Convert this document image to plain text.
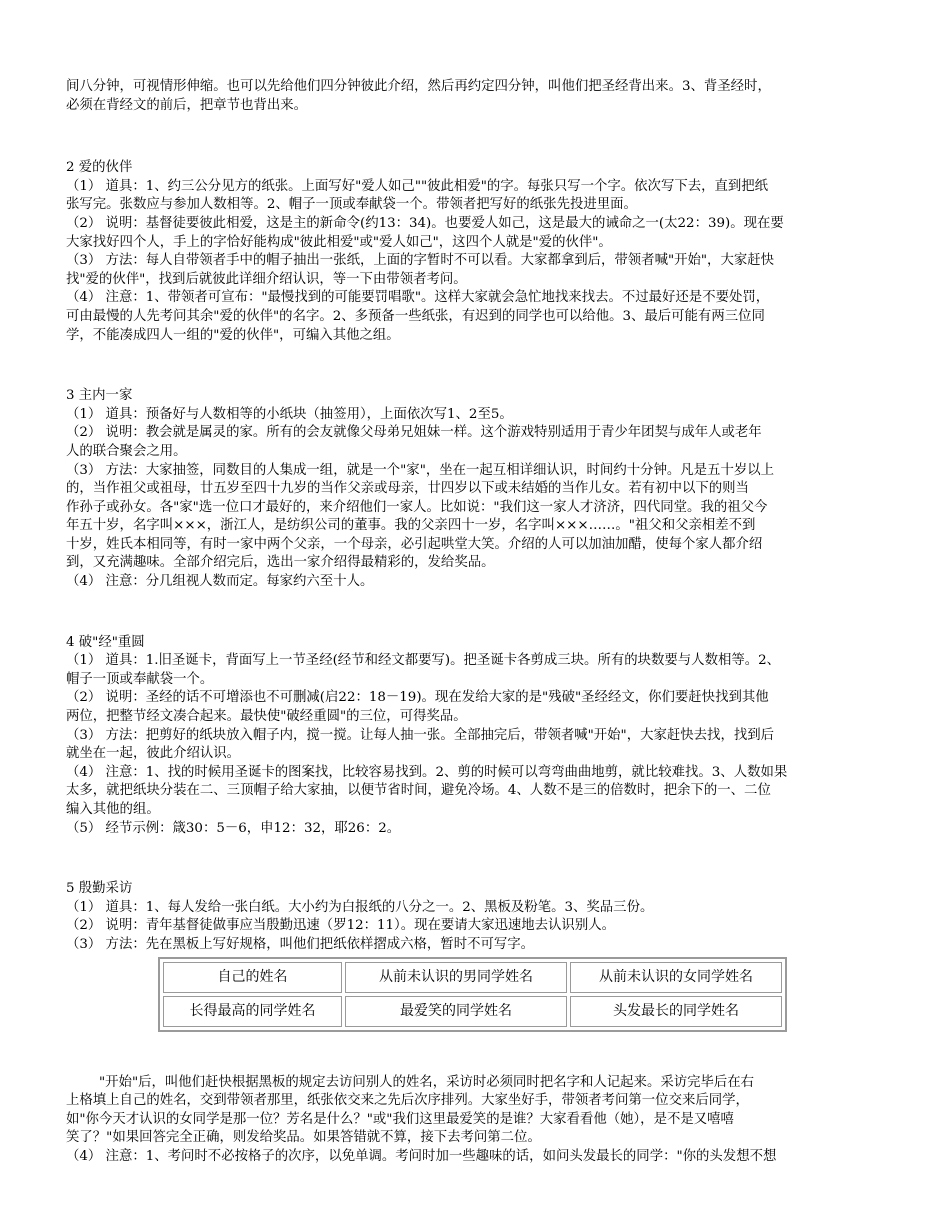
间八分钟，可视情形伸缩。也可以先给他们四分钟彼此介绍，然后再约定四分钟，叫他们把圣经背出来。3、背圣经时，
必须在背经文的前后，把章节也背出来。
2 爱的伙伴
（1） 道具：1、约三公分见方的纸张。上面写好"爱人如己""彼此相爱"的字。每张只写一个字。依次写下去，直到把纸
张写完。张数应与参加人数相等。2、帽子一顶或奉献袋一个。带领者把写好的纸张先投进里面。
（2） 说明：基督徒要彼此相爱，这是主的新命令(约13：34)。也要爱人如己，这是最大的诫命之一(太22：39)。现在要
大家找好四个人，手上的字恰好能构成"彼此相爱"或"爱人如己"，这四个人就是"爱的伙伴"。
（3） 方法：每人自带领者手中的帽子抽出一张纸，上面的字暂时不可以看。大家都拿到后，带领者喊"开始"，大家赶快
找"爱的伙伴"，找到后就彼此详细介绍认识，等一下由带领者考问。
（4） 注意：1、带领者可宣布："最慢找到的可能要罚唱歌"。这样大家就会急忙地找来找去。不过最好还是不要处罚，
可由最慢的人先考问其余"爱的伙伴"的名字。2、多预备一些纸张，有迟到的同学也可以给他。3、最后可能有两三位同
学，不能凑成四人一组的"爱的伙伴"，可编入其他之组。
3 主内一家
（1） 道具：预备好与人数相等的小纸块（抽签用），上面依次写1、2至5。
（2） 说明：教会就是属灵的家。所有的会友就像父母弟兄姐妹一样。这个游戏特别适用于青少年团契与成年人或老年
人的联合聚会之用。
（3） 方法：大家抽签，同数目的人集成一组，就是一个"家"，坐在一起互相详细认识，时间约十分钟。凡是五十岁以上
的，当作祖父或祖母，廿五岁至四十九岁的当作父亲或母亲，廿四岁以下或未结婚的当作儿女。若有初中以下的则当
作孙子或孙女。各"家"选一位口才最好的，来介绍他们一家人。比如说："我们这一家人才济济，四代同堂。我的祖父今
年五十岁，名字叫×××，浙江人，是纺织公司的董事。我的父亲四十一岁，名字叫×××……。"祖父和父亲相差不到
十岁，姓氏本相同等，有时一家中两个父亲，一个母亲，必引起哄堂大笑。介绍的人可以加油加醋，使每个家人都介绍
到，又充满趣味。全部介绍完后，选出一家介绍得最精彩的，发给奖品。
（4） 注意：分几组视人数而定。每家约六至十人。
4 破"经"重圆
（1） 道具：1.旧圣诞卡，背面写上一节圣经(经节和经文都要写)。把圣诞卡各剪成三块。所有的块数要与人数相等。2、
帽子一顶或奉献袋一个。
（2） 说明：圣经的话不可增添也不可删减(启22：18－19)。现在发给大家的是"残破"圣经经文，你们要赶快找到其他
两位，把整节经文凑合起来。最快使"破经重圆"的三位，可得奖品。
（3） 方法：把剪好的纸块放入帽子内，搅一搅。让每人抽一张。全部抽完后，带领者喊"开始"，大家赶快去找，找到后
就坐在一起，彼此介绍认识。
（4） 注意：1、找的时候用圣诞卡的图案找，比较容易找到。2、剪的时候可以弯弯曲曲地剪，就比较难找。3、人数如果
太多，就把纸块分装在二、三顶帽子给大家抽，以便节省时间，避免冷场。4、人数不是三的倍数时，把余下的一、二位
编入其他的组。
（5） 经节示例：箴30：5－6，申12：32，耶26：2。
5 殷勤采访
（1） 道具：1、每人发给一张白纸。大小约为白报纸的八分之一。2、黑板及粉笔。3、奖品三份。
（2） 说明：青年基督徒做事应当殷勤迅速（罗12：11）。现在要请大家迅速地去认识别人。
（3） 方法：先在黑板上写好规格，叫他们把纸依样摺成六格，暂时不可写字。
自己的姓名	从前未认识的男同学姓名	从前未认识的女同学姓名
长得最高的同学姓名	最爱笑的同学姓名	头发最长的同学姓名
"开始"后，叫他们赶快根据黑板的规定去访问别人的姓名，采访时必须同时把名字和人记起来。采访完毕后在右
上格填上自己的姓名，交到带领者那里，纸张依交来之先后次序排列。大家坐好手，带领者考问第一位交来后同学，
如"你今天才认识的女同学是那一位？芳名是什么？"或"我们这里最爱笑的是谁？大家看看他（她），是不是又嘻嘻
笑了？"如果回答完全正确，则发给奖品。如果答错就不算，接下去考问第二位。
（4） 注意：1、考问时不必按格子的次序，以免单调。考问时加一些趣味的话，如问头发最长的同学："你的头发想不想
